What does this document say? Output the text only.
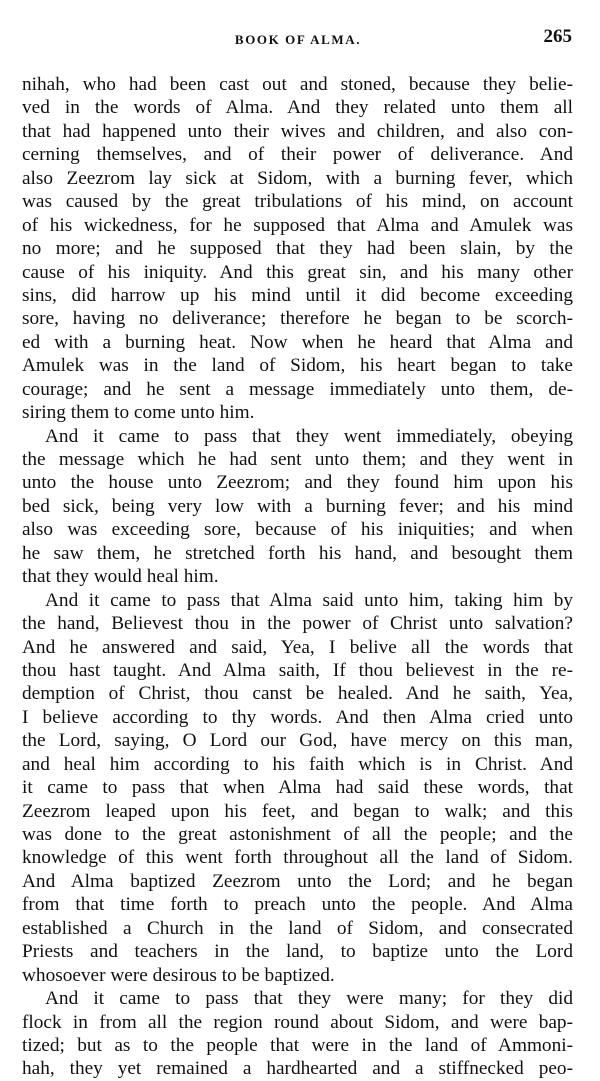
BOOK OF ALMA.	265
nihah, who had been cast out and stoned, because they belie-
ved in the words of Alma. And they related unto them all
that had happened unto their wives and children, and also con-
cerning themselves, and of their power of deliverance. And
also Zeezrom lay sick at Sidom, with a burning fever, which
was caused by the great tribulations of his mind, on account
of his wickedness, for he supposed that Alma and Amulek was
no more; and he supposed that they had been slain, by the
cause of his iniquity. And this great sin, and his many other
sins, did harrow up his mind until it did become exceeding
sore, having no deliverance; therefore he began to be scorch-
ed with a burning heat. Now when he heard that Alma and
Amulek was in the land of Sidom, his heart began to take
courage; and he sent a message immediately unto them, de-
siring them to come unto him.
And it came to pass that they went immediately, obeying
the message which he had sent unto them; and they went in
unto the house unto Zeezrom; and they found him upon his
bed sick, being very low with a burning fever; and his mind
also was exceeding sore, because of his iniquities; and when
he saw them, he stretched forth his hand, and besought them
that they would heal him.
And it came to pass that Alma said unto him, taking him by
the hand, Believest thou in the power of Christ unto salvation?
And he answered and said, Yea, I belive all the words that
thou hast taught. And Alma saith, If thou believest in the re-
demption of Christ, thou canst be healed. And he saith, Yea,
I believe according to thy words. And then Alma cried unto
the Lord, saying, O Lord our God, have mercy on this man,
and heal him according to his faith which is in Christ. And
it came to pass that when Alma had said these words, that
Zeezrom leaped upon his feet, and began to walk; and this
was done to the great astonishment of all the people; and the
knowledge of this went forth throughout all the land of Sidom.
And Alma baptized Zeezrom unto the Lord; and he began
from that time forth to preach unto the people. And Alma
established a Church in the land of Sidom, and consecrated
Priests and teachers in the land, to baptize unto the Lord
whosoever were desirous to be baptized.
And it came to pass that they were many; for they did
flock in from all the region round about Sidom, and were bap-
tized; but as to the people that were in the land of Ammoni-
hah, they yet remained a hardhearted and a stiffnecked peo-
